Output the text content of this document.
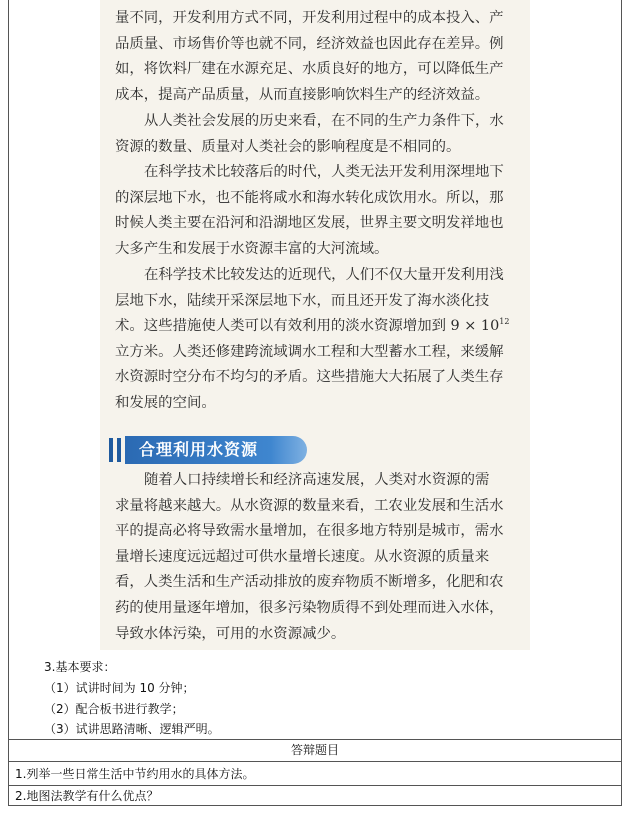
量不同，开发利用方式不同，开发利用过程中的成本投入、产
品质量、市场售价等也就不同，经济效益也因此存在差异。例
如，将饮料厂建在水源充足、水质良好的地方，可以降低生产
成本，提高产品质量，从而直接影响饮料生产的经济效益。
从人类社会发展的历史来看，在不同的生产力条件下，水
资源的数量、质量对人类社会的影响程度是不相同的。
在科学技术比较落后的时代，人类无法开发利用深埋地下
的深层地下水，也不能将咸水和海水转化成饮用水。所以，那
时候人类主要在沿河和沿湖地区发展，世界主要文明发祥地也
大多产生和发展于水资源丰富的大河流域。
在科学技术比较发达的近现代，人们不仅大量开发利用浅
层地下水，陆续开采深层地下水，而且还开发了海水淡化技
术。这些措施使人类可以有效利用的淡水资源增加到 $9 \times 10^{12}$
立方米。人类还修建跨流域调水工程和大型蓄水工程，来缓解
水资源时空分布不均匀的矛盾。这些措施大大拓展了人类生存
和发展的空间。
合理利用水资源
随着人口持续增长和经济高速发展，人类对水资源的需
求量将越来越大。从水资源的数量来看，工农业发展和生活水
平的提高必将导致需水量增加，在很多地方特别是城市，需水
量增长速度远远超过可供水量增长速度。从水资源的质量来
看，人类生活和生产活动排放的废弃物质不断增多，化肥和农
药的使用量逐年增加，很多污染物质得不到处理而进入水体，
导致水体污染，可用的水资源减少。
3.基本要求：
（1）试讲时间为 10 分钟；
（2）配合板书进行教学；
（3）试讲思路清晰、逻辑严明。
答辩题目
1.列举一些日常生活中节约用水的具体方法。
2.地图法教学有什么优点？
